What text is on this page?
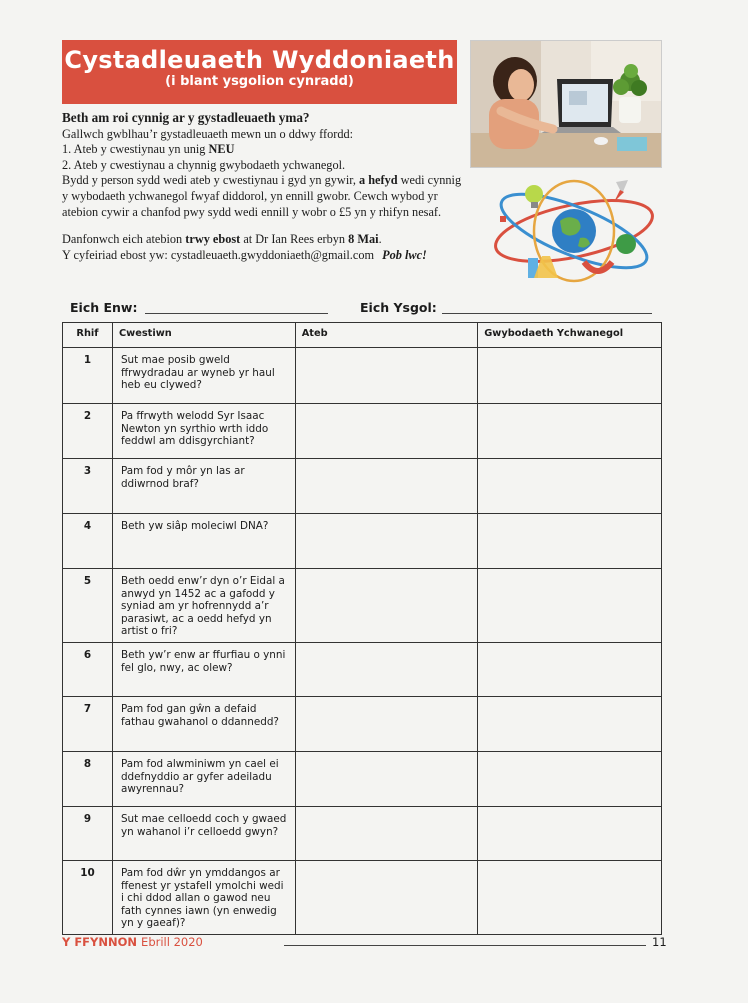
Cystadleuaeth Wyddoniaeth
(i blant ysgolion cynradd)

Beth am roi cynnig ar y gystadleuaeth yma?

Gallwch gwblhau’r gystadleuaeth mewn un o ddwy ffordd:

1. Ateb y cwestiynau yn unig NEU

2. Ateb y cwestiynau a chynnig gwybodaeth ychwanegol.

Bydd y person sydd wedi ateb y cwestiynau i gyd yn gywir, a hefyd wedi cynnig y wybodaeth ychwanegol fwyaf diddorol, yn ennill gwobr. Cewch wybod yr atebion cywir a chanfod pwy sydd wedi ennill y wobr o £5 yn y rhifyn nesaf.

Danfonwch eich atebion trwy ebost at Dr Ian Rees erbyn 8 Mai.

Y cyfeiriad ebost yw: cystadleuaeth.gwyddoniaeth@gmail.com Pob lwc!

Eich Enw:	Eich Ysgol:
Rhif	Cwestiwn	Ateb	Gwybodaeth Ychwanegol
1	Sut mae posib gweld ffrwydradau ar wyneb yr haul heb eu clywed?		
2	Pa ffrwyth welodd Syr Isaac Newton yn syrthio wrth iddo feddwl am ddisgyrchiant?		
3	Pam fod y môr yn las ar ddiwrnod braf?		
4	Beth yw siâp moleciwl DNA?		
5	Beth oedd enw’r dyn o’r Eidal a anwyd yn 1452 ac a gafodd y syniad am yr hofrennydd a’r parasiwt, ac a oedd hefyd yn artist o fri?		
6	Beth yw’r enw ar ffurfiau o ynni fel glo, nwy, ac olew?		
7	Pam fod gan gŵn a defaid fathau gwahanol o ddannedd?		
8	Pam fod alwminiwm yn cael ei ddefnyddio ar gyfer adeiladu awyrennau?		
9	Sut mae celloedd coch y gwaed yn wahanol i’r celloedd gwyn?		
10	Pam fod dŵr yn ymddangos ar ffenest yr ystafell ymolchi wedi i chi ddod allan o gawod neu fath cynnes iawn (yn enwedig yn y gaeaf)?		
Y FFYNNON Ebrill 2020	11
